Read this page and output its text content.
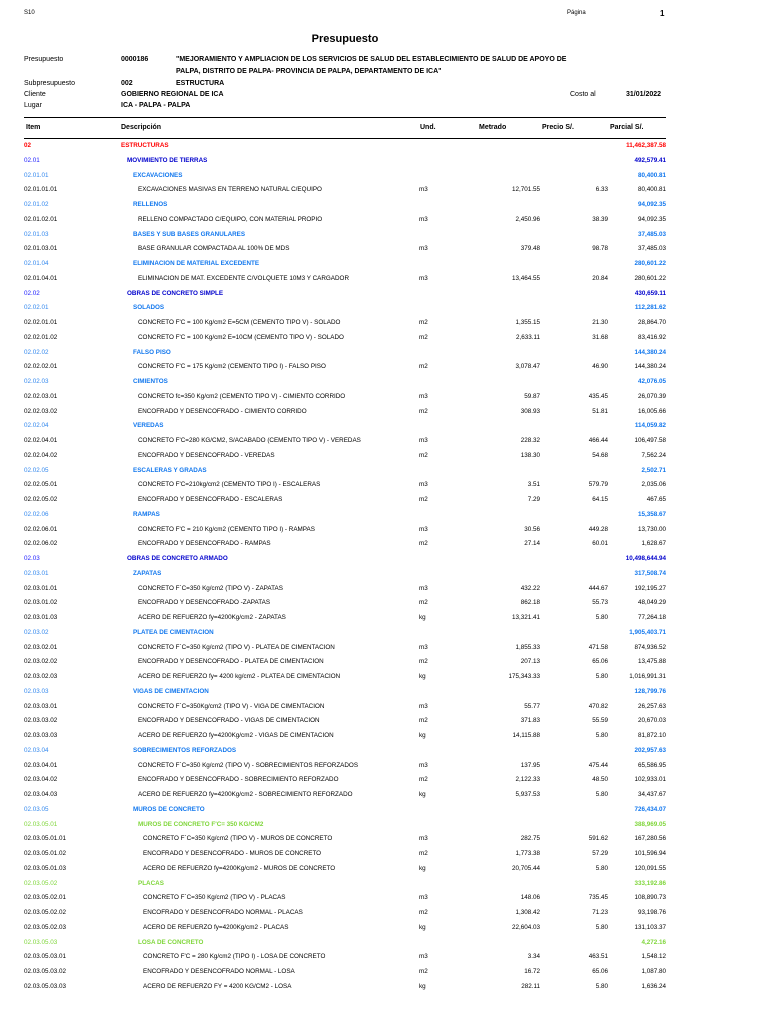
S10	Página	1
Presupuesto
Presupuesto	0000186	"MEJORAMIENTO Y AMPLIACION DE LOS SERVICIOS DE SALUD DEL ESTABLECIMIENTO DE SALUD DE APOYO DE
PALPA, DISTRITO DE PALPA- PROVINCIA DE PALPA, DEPARTAMENTO DE ICA"
Subpresupuesto	002	ESTRUCTURA
Cliente	GOBIERNO REGIONAL DE ICA	Costo al	31/01/2022
Lugar	ICA - PALPA - PALPA
Item	Descripción	Und.	Metrado	Precio S/.	Parcial S/.
02	ESTRUCTURAS	11,462,387.58
02.01	MOVIMIENTO DE TIERRAS	492,579.41
02.01.01	EXCAVACIONES	80,400.81
02.01.01.01	EXCAVACIONES MASIVAS EN TERRENO NATURAL C/EQUIPO	m3	12,701.55	6.33	80,400.81
02.01.02	RELLENOS	94,092.35
02.01.02.01	RELLENO COMPACTADO C/EQUIPO, CON MATERIAL PROPIO	m3	2,450.96	38.39	94,092.35
02.01.03	BASES Y SUB BASES GRANULARES	37,485.03
02.01.03.01	BASE GRANULAR COMPACTADA AL 100% DE MDS	m3	379.48	98.78	37,485.03
02.01.04	ELIMINACION DE MATERIAL EXCEDENTE	280,601.22
02.01.04.01	ELIMINACION DE MAT. EXCEDENTE C/VOLQUETE 10M3 Y CARGADOR	m3	13,464.55	20.84	280,601.22
02.02	OBRAS DE CONCRETO SIMPLE	430,659.11
02.02.01	SOLADOS	112,281.62
02.02.01.01	CONCRETO F'C = 100 Kg/cm2 E=5CM (CEMENTO TIPO V) - SOLADO	m2	1,355.15	21.30	28,864.70
02.02.01.02	CONCRETO F'C = 100 Kg/cm2 E=10CM (CEMENTO TIPO V) - SOLADO	m2	2,633.11	31.68	83,416.92
02.02.02	FALSO PISO	144,380.24
02.02.02.01	CONCRETO F'C = 175 Kg/cm2 (CEMENTO TIPO I) - FALSO PISO	m2	3,078.47	46.90	144,380.24
02.02.03	CIMIENTOS	42,076.05
02.02.03.01	CONCRETO fc=350 Kg/cm2 (CEMENTO TIPO V) - CIMIENTO CORRIDO	m3	59.87	435.45	26,070.39
02.02.03.02	ENCOFRADO Y DESENCOFRADO - CIMIENTO CORRIDO	m2	308.93	51.81	16,005.66
02.02.04	VEREDAS	114,059.82
02.02.04.01	CONCRETO F'C=280 KG/CM2, S/ACABADO (CEMENTO TIPO V) - VEREDAS	m3	228.32	466.44	106,497.58
02.02.04.02	ENCOFRADO Y DESENCOFRADO - VEREDAS	m2	138.30	54.68	7,562.24
02.02.05	ESCALERAS Y GRADAS	2,502.71
02.02.05.01	CONCRETO F'C=210kg/cm2 (CEMENTO TIPO I) - ESCALERAS	m3	3.51	579.79	2,035.06
02.02.05.02	ENCOFRADO Y DESENCOFRADO - ESCALERAS	m2	7.29	64.15	467.65
02.02.06	RAMPAS	15,358.67
02.02.06.01	CONCRETO F'C = 210 Kg/cm2 (CEMENTO TIPO I) - RAMPAS	m3	30.56	449.28	13,730.00
02.02.06.02	ENCOFRADO Y DESENCOFRADO - RAMPAS	m2	27.14	60.01	1,628.67
02.03	OBRAS DE CONCRETO ARMADO	10,498,644.94
02.03.01	ZAPATAS	317,508.74
02.03.01.01	CONCRETO F`C=350 Kg/cm2 (TIPO V) - ZAPATAS	m3	432.22	444.67	192,195.27
02.03.01.02	ENCOFRADO Y DESENCOFRADO -ZAPATAS	m2	862.18	55.73	48,049.29
02.03.01.03	ACERO DE REFUERZO fy=4200Kg/cm2 - ZAPATAS	kg	13,321.41	5.80	77,264.18
02.03.02	PLATEA DE CIMENTACION	1,905,403.71
02.03.02.01	CONCRETO F`C=350 Kg/cm2 (TIPO V) - PLATEA DE CIMENTACION	m3	1,855.33	471.58	874,936.52
02.03.02.02	ENCOFRADO Y DESENCOFRADO - PLATEA DE CIMENTACION	m2	207.13	65.06	13,475.88
02.03.02.03	ACERO DE REFUERZO fy= 4200 kg/cm2 - PLATEA DE CIMENTACION	kg	175,343.33	5.80	1,016,991.31
02.03.03	VIGAS DE CIMENTACION	128,799.76
02.03.03.01	CONCRETO F`C=350Kg/cm2 (TIPO V) - VIGA DE CIMENTACION	m3	55.77	470.82	26,257.63
02.03.03.02	ENCOFRADO Y DESENCOFRADO - VIGAS DE CIMENTACION	m2	371.83	55.59	20,670.03
02.03.03.03	ACERO DE REFUERZO fy=4200Kg/cm2 - VIGAS DE CIMENTACION	kg	14,115.88	5.80	81,872.10
02.03.04	SOBRECIMIENTOS REFORZADOS	202,957.63
02.03.04.01	CONCRETO F`C=350 Kg/cm2 (TIPO V) - SOBRECIMIENTOS REFORZADOS	m3	137.95	475.44	65,586.95
02.03.04.02	ENCOFRADO Y DESENCOFRADO - SOBRECIMIENTO REFORZADO	m2	2,122.33	48.50	102,933.01
02.03.04.03	ACERO DE REFUERZO fy=4200Kg/cm2 - SOBRECIMIENTO REFORZADO	kg	5,937.53	5.80	34,437.67
02.03.05	MUROS DE CONCRETO	726,434.07
02.03.05.01	MUROS DE CONCRETO F'C= 350 KG/CM2	388,969.05
02.03.05.01.01	CONCRETO F`C=350 Kg/cm2 (TIPO V) - MUROS DE CONCRETO	m3	282.75	591.62	167,280.56
02.03.05.01.02	ENCOFRADO Y DESENCOFRADO - MUROS DE CONCRETO	m2	1,773.38	57.29	101,596.94
02.03.05.01.03	ACERO DE REFUERZO fy=4200Kg/cm2 - MUROS DE CONCRETO	kg	20,705.44	5.80	120,091.55
02.03.05.02	PLACAS	333,192.86
02.03.05.02.01	CONCRETO F`C=350 Kg/cm2 (TIPO V) - PLACAS	m3	148.06	735.45	108,890.73
02.03.05.02.02	ENCOFRADO Y DESENCOFRADO NORMAL - PLACAS	m2	1,308.42	71.23	93,198.76
02.03.05.02.03	ACERO DE REFUERZO fy=4200Kg/cm2 - PLACAS	kg	22,604.03	5.80	131,103.37
02.03.05.03	LOSA DE CONCRETO	4,272.16
02.03.05.03.01	CONCRETO F'C = 280 Kg/cm2 (TIPO I) - LOSA DE CONCRETO	m3	3.34	463.51	1,548.12
02.03.05.03.02	ENCOFRADO Y DESENCOFRADO NORMAL - LOSA	m2	16.72	65.06	1,087.80
02.03.05.03.03	ACERO DE REFUERZO FY = 4200 KG/CM2 - LOSA	kg	282.11	5.80	1,636.24
